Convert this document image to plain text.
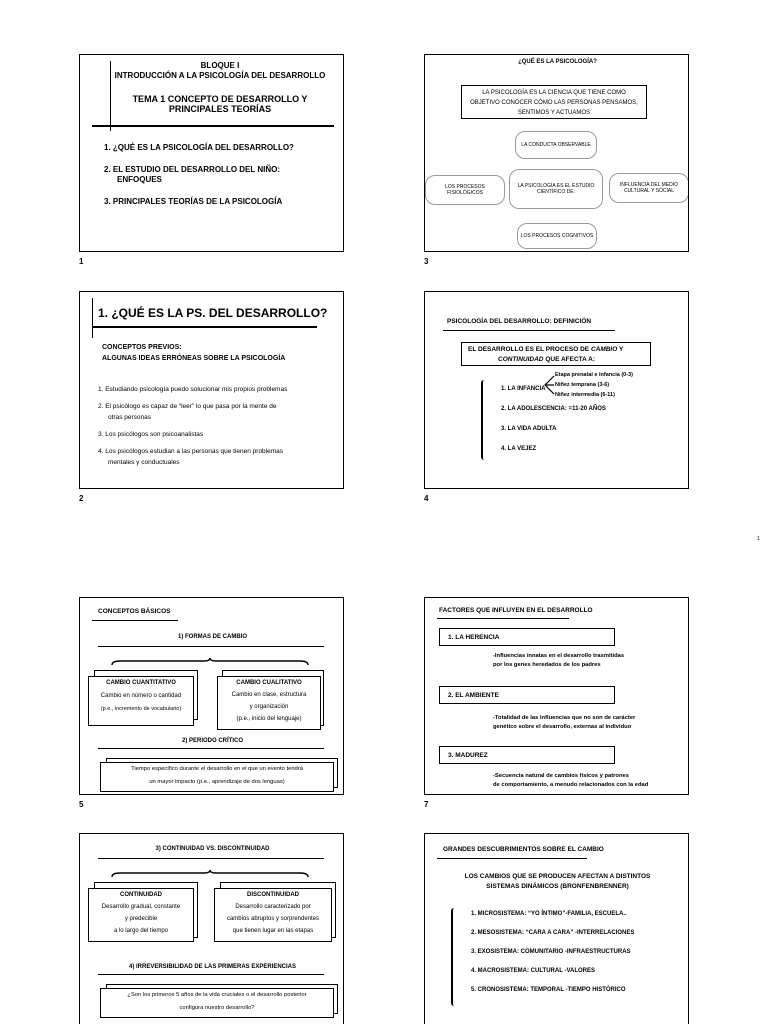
BLOQUE I
INTRODUCCIÓN A LA PSICOLOGÍA DEL DESARROLLO
TEMA 1 CONCEPTO DE DESARROLLO Y
PRINCIPALES TEORÍAS
1. ¿QUÉ ES LA PSICOLOGÍA DEL DESARROLLO?
2. EL ESTUDIO DEL DESARROLLO DEL NIÑO:
ENFOQUES
3. PRINCIPALES TEORÍAS DE LA PSICOLOGÍA
1
¿QUÉ ES LA PSICOLOGÍA?
LA PSICOLOGÍA ES LA CIENCIA QUE TIENE COMO
OBJETIVO CONOCER CÓMO LAS PERSONAS PENSAMOS,
SENTIMOS Y ACTUAMOS
LA CONDUCTA OBSERVABLE
LOS PROCESOS
FISIOLÓGICOS
LA PSICOLOGÍA ES EL ESTUDIO
CIENTÍFICO DE:
INFLUENCIA DEL MEDIO
CULTURAL Y SOCIAL
LOS PROCESOS COGNITIVOS
3
1. ¿QUÉ ES LA PS. DEL DESARROLLO?
CONCEPTOS PREVIOS:
ALGUNAS IDEAS ERRÓNEAS SOBRE LA PSICOLOGÍA
1. Estudiando psicología puedo solucionar mis propios problemas
2. El psicólogo es capaz de “leer” lo que pasa por la mente de
otras personas
3. Los psicólogos son psicoanalistas
4. Los psicólogos estudian a las personas que tienen problemas
mentales y conductuales
2
PSICOLOGÍA DEL DESARROLLO: DEFINICIÓN
EL DESARROLLO ES EL PROCESO DE CAMBIO Y
CONTINUIDAD QUE AFECTA A:
Etapa prenatal e infancia (0-3)
Niñez temprana (3-6)
Niñez intermedia (6-11)
1. LA INFANCIA
2. LA ADOLESCENCIA: =11-20 AÑOS
3. LA VIDA ADULTA
4. LA VEJEZ
4
1
CONCEPTOS BÁSICOS
1) FORMAS DE CAMBIO
CAMBIO CUANTITATIVO
Cambio en número o cantidad
(p.e., incremento de vocabulario)
CAMBIO CUALITATIVO
Cambio en clase, estructura
y organización
(p.e., inicio del lenguaje)
2) PERIODO CRÍTICO
Tiempo específico durante el desarrollo en el que un evento tendrá
un mayor impacto (p.e., aprendizaje de dos lenguas)
5
FACTORES QUE INFLUYEN EN EL DESARROLLO
1. LA HERENCIA
-Influencias innatas en el desarrollo trasmitidas
por los genes heredados de los padres
2. EL AMBIENTE
-Totalidad de las influencias que no son de carácter
genético sobre el desarrollo, externas al individuo
3. MADUREZ
-Secuencia natural de cambios físicos y patrones
de comportamiento, a menudo relacionados con la edad
7
3) CONTINUIDAD VS. DISCONTINUIDAD
CONTINUIDAD
Desarrollo gradual, constante
y predecible
a lo largo del tiempo
DISCONTINUIDAD
Desarrollo caracterizado por
cambios abruptos y sorprendentes
que tienen lugar en las etapas
4) IRREVERSIBILIDAD DE LAS PRIMERAS EXPERIENCIAS
¿Son los primeros 5 años de la vida cruciales o el desarrollo posterior
configura nuestro desarrollo?
GRANDES DESCUBRIMIENTOS SOBRE EL CAMBIO
LOS CAMBIOS QUE SE PRODUCEN AFECTAN A DISTINTOS
SISTEMAS DINÁMICOS (BRONFENBRENNER)
1. MICROSISTEMA: “YO ÍNTIMO”-FAMILIA, ESCUELA..
2. MESOSISTEMA: “CARA A CARA” -INTERRELACIONES
3. EXOSISTEMA: COMUNITARIO -INFRAESTRUCTURAS
4. MACROSISTEMA: CULTURAL -VALORES
5. CRONOSISTEMA: TEMPORAL -TIEMPO HISTÓRICO
